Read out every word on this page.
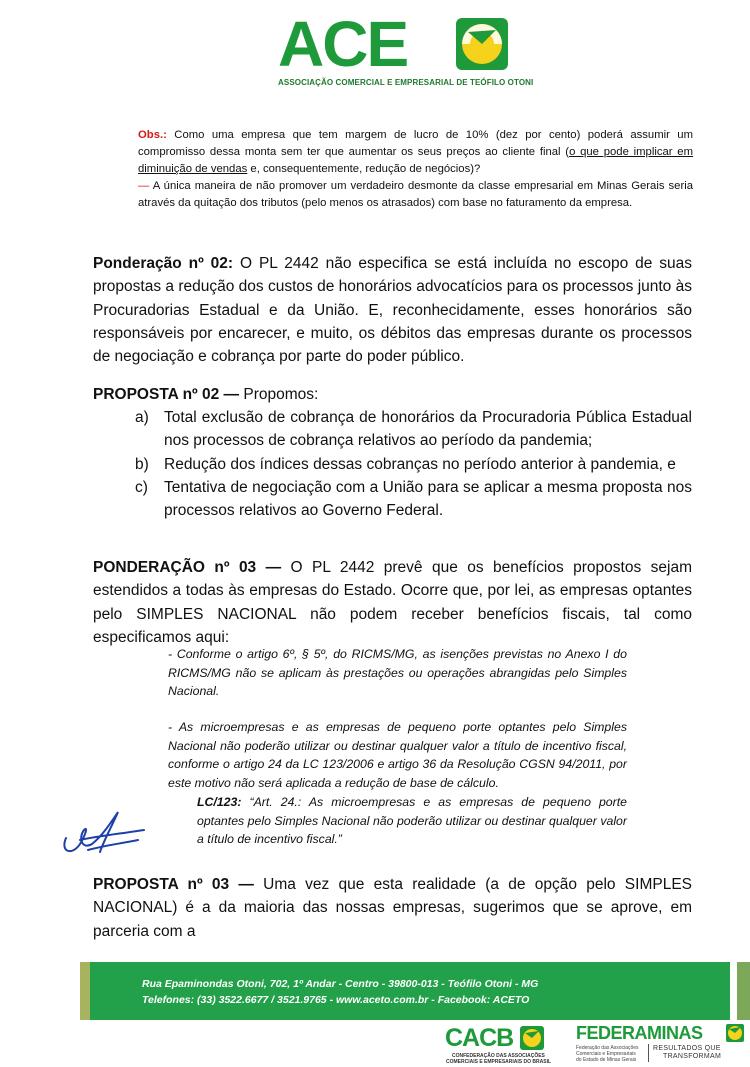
ACE
ASSOCIAÇÃO COMERCIAL E EMPRESARIAL DE TEÓFILO OTONI
Obs.: Como uma empresa que tem margem de lucro de 10% (dez por cento) poderá assumir um compromisso dessa monta sem ter que aumentar os seus preços ao cliente final (o que pode implicar em diminuição de vendas e, consequentemente, redução de negócios)?
— A única maneira de não promover um verdadeiro desmonte da classe empresarial em Minas Gerais seria através da quitação dos tributos (pelo menos os atrasados) com base no faturamento da empresa.
Ponderação nº 02: O PL 2442 não especifica se está incluída no escopo de suas propostas a redução dos custos de honorários advocatícios para os processos junto às Procuradorias Estadual e da União. E, reconhecidamente, esses honorários são responsáveis por encarecer, e muito, os débitos das empresas durante os processos de negociação e cobrança por parte do poder público.
PROPOSTA nº 02 — Propomos:
a) Total exclusão de cobrança de honorários da Procuradoria Pública Estadual nos processos de cobrança relativos ao período da pandemia;
b) Redução dos índices dessas cobranças no período anterior à pandemia, e
c) Tentativa de negociação com a União para se aplicar a mesma proposta nos processos relativos ao Governo Federal.
PONDERAÇÃO nº 03 — O PL 2442 prevê que os benefícios propostos sejam estendidos a todas às empresas do Estado. Ocorre que, por lei, as empresas optantes pelo SIMPLES NACIONAL não podem receber benefícios fiscais, tal como especificamos aqui:
- Conforme o artigo 6º, § 5º, do RICMS/MG, as isenções previstas no Anexo I do RICMS/MG não se aplicam às prestações ou operações abrangidas pelo Simples Nacional.
- As microempresas e as empresas de pequeno porte optantes pelo Simples Nacional não poderão utilizar ou destinar qualquer valor a título de incentivo fiscal, conforme o artigo 24 da LC 123/2006 e artigo 36 da Resolução CGSN 94/2011, por este motivo não será aplicada a redução de base de cálculo.
LC/123: “Art. 24.: As microempresas e as empresas de pequeno porte optantes pelo Simples Nacional não poderão utilizar ou destinar qualquer valor a título de incentivo fiscal.”
PROPOSTA nº 03 — Uma vez que esta realidade (a de opção pelo SIMPLES NACIONAL) é a da maioria das nossas empresas, sugerimos que se aprove, em parceria com a
Rua Epaminondas Otoni, 702, 1º Andar - Centro - 39800-013 - Teófilo Otoni - MG
Telefones: (33) 3522.6677 / 3521.9765 - www.aceto.com.br - Facebook: ACETO
CACB
CONFEDERAÇÃO DAS ASSOCIAÇÕES
COMERCIAIS E EMPRESARIAIS DO BRASIL
FEDERAMINAS
Federação das Associações
Comerciais e Empresariais
do Estado de Minas Gerais
RESULTADOS QUE
TRANSFORMAM
